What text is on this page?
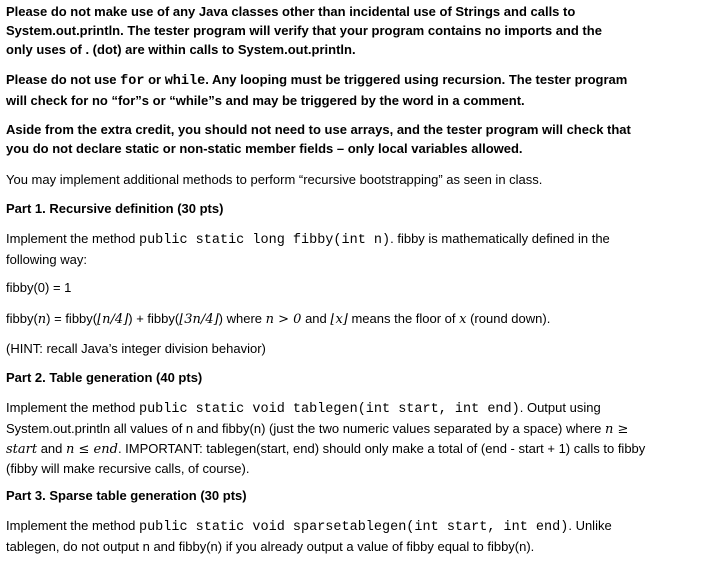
Please do not make use of any Java classes other than incidental use of Strings and calls to System.out.println. The tester program will verify that your program contains no imports and the only uses of . (dot) are within calls to System.out.println.

Please do not use for or while. Any looping must be triggered using recursion. The tester program will check for no “for”s or “while”s and may be triggered by the word in a comment.

Aside from the extra credit, you should not need to use arrays, and the tester program will check that you do not declare static or non-static member fields – only local variables allowed.

You may implement additional methods to perform “recursive bootstrapping” as seen in class.

Part 1. Recursive definition (30 pts)

Implement the method public static long fibby(int n). fibby is mathematically defined in the following way:

fibby(0) = 1

fibby(n) = fibby(⌊n/4⌋) + fibby(⌊3n/4⌋) where n > 0 and ⌊x⌋ means the floor of x (round down).

(HINT: recall Java’s integer division behavior)

Part 2. Table generation (40 pts)

Implement the method public static void tablegen(int start, int end). Output using System.out.println all values of n and fibby(n) (just the two numeric values separated by a space) where n ≥ start and n ≤ end. IMPORTANT: tablegen(start, end) should only make a total of (end - start + 1) calls to fibby (fibby will make recursive calls, of course).

Part 3. Sparse table generation (30 pts)

Implement the method public static void sparsetablegen(int start, int end). Unlike tablegen, do not output n and fibby(n) if you already output a value of fibby equal to fibby(n).
